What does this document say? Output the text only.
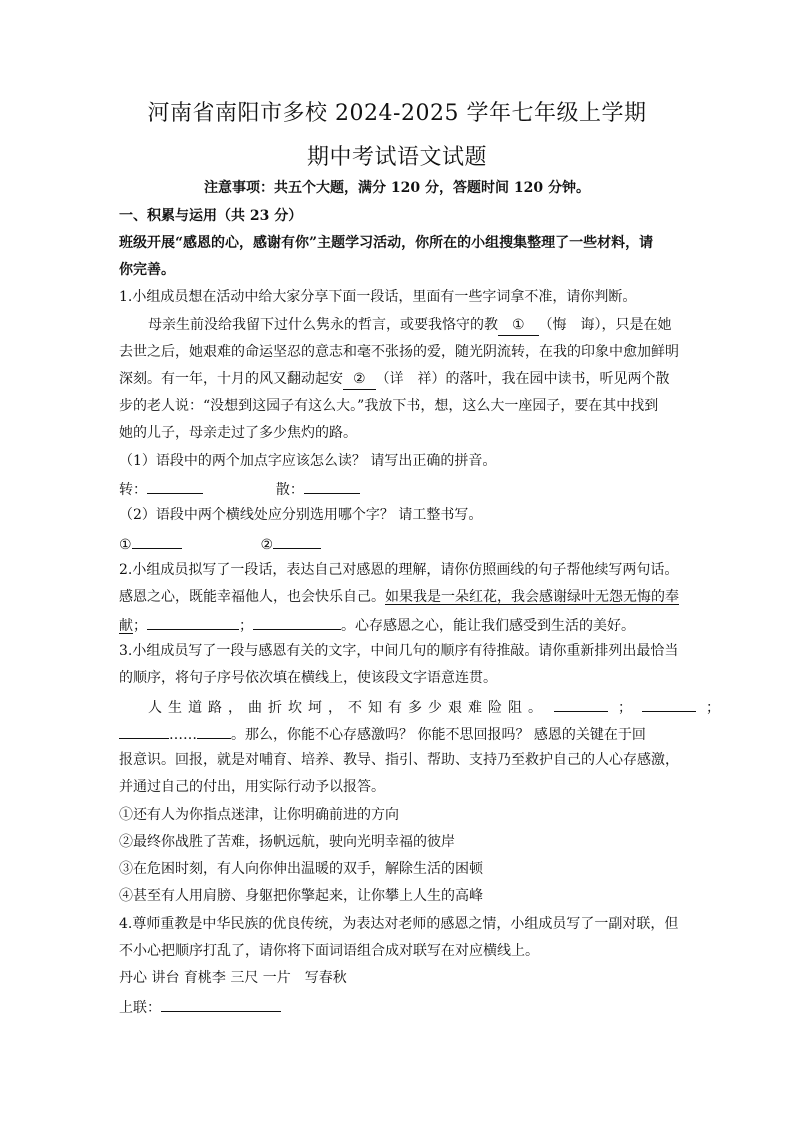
河南省南阳市多校 2024-2025 学年七年级上学期
期中考试语文试题
注意事项：共五个大题，满分 120 分，答题时间 120 分钟。
一、积累与运用（共 23 分）
班级开展“感恩的心，感谢有你”主题学习活动，你所在的小组搜集整理了一些材料，请
你完善。
1.小组成员想在活动中给大家分享下面一段话，里面有一些字词拿不准，请你判断。
母亲生前没给我留下过什么隽永的哲言，或要我恪守的教 ① （悔　诲），只是在她
去世之后，她艰难的命运坚忍的意志和毫不张扬的爱，随光阴流转，在我的印象中愈加鲜明
深刻。有一年，十月的风又翻动起安 ② （详　祥）的落叶，我在园中读书，听见两个散
步的老人说：“没想到这园子有这么大。”我放下书，想，这么大一座园子，要在其中找到
她的儿子，母亲走过了多少焦灼的路。
（1）语段中的两个加点字应该怎么读？ 请写出正确的拼音。
转：	散：
（2）语段中两个横线处应分别选用哪个字？ 请工整书写。
①	②
2.小组成员拟写了一段话，表达自己对感恩的理解，请你仿照画线的句子帮他续写两句话。
感恩之心，既能幸福他人，也会快乐自己。如果我是一朵红花，我会感谢绿叶无怨无悔的奉
献；	；	。心存感恩之心，能让我们感受到生活的美好。
3.小组成员写了一段与感恩有关的文字，中间几句的顺序有待推敲。请你重新排列出最恰当
的顺序，将句子序号依次填在横线上，使该段文字语意连贯。
人生道路，曲折坎坷，不知有多少艰难险阻。	；	；
…… 。那么，你能不心存感激吗？ 你能不思回报吗？ 感恩的关键在于回
报意识。回报，就是对哺育、培养、教导、指引、帮助、支持乃至救护自己的人心存感激，
并通过自己的付出，用实际行动予以报答。
①还有人为你指点迷津，让你明确前进的方向
②最终你战胜了苦难，扬帆远航，驶向光明幸福的彼岸
③在危困时刻，有人向你伸出温暖的双手，解除生活的困顿
④甚至有人用肩膀、身躯把你擎起来，让你攀上人生的高峰
4.尊师重教是中华民族的优良传统，为表达对老师的感恩之情，小组成员写了一副对联，但
不小心把顺序打乱了，请你将下面词语组合成对联写在对应横线上。
丹心 讲台 育桃李 三尺 一片　写春秋
上联：
